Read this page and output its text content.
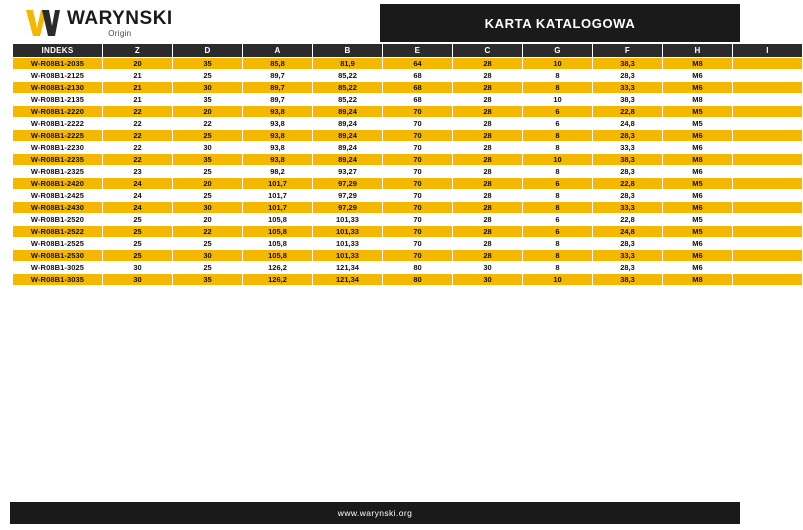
WARYNSKI
Origin
KARTA KATALOGOWA
INDEKS	Z	D	A	B	E	C	G	F	H	I
W-R08B1-2035	20	35	85,8	81,9	64	28	10	38,3	M8	
W-R08B1-2125	21	25	89,7	85,22	68	28	8	28,3	M6	
W-R08B1-2130	21	30	89,7	85,22	68	28	8	33,3	M6	
W-R08B1-2135	21	35	89,7	85,22	68	28	10	38,3	M8	
W-R08B1-2220	22	20	93,8	89,24	70	28	6	22,8	M5	
W-R08B1-2222	22	22	93,8	89,24	70	28	6	24,8	M5	
W-R08B1-2225	22	25	93,8	89,24	70	28	8	28,3	M6	
W-R08B1-2230	22	30	93,8	89,24	70	28	8	33,3	M6	
W-R08B1-2235	22	35	93,8	89,24	70	28	10	38,3	M8	
W-R08B1-2325	23	25	98,2	93,27	70	28	8	28,3	M6	
W-R08B1-2420	24	20	101,7	97,29	70	28	6	22,8	M5	
W-R08B1-2425	24	25	101,7	97,29	70	28	8	28,3	M6	
W-R08B1-2430	24	30	101,7	97,29	70	28	8	33,3	M6	
W-R08B1-2520	25	20	105,8	101,33	70	28	6	22,8	M5	
W-R08B1-2522	25	22	105,8	101,33	70	28	6	24,8	M5	
W-R08B1-2525	25	25	105,8	101,33	70	28	8	28,3	M6	
W-R08B1-2530	25	30	105,8	101,33	70	28	8	33,3	M6	
W-R08B1-3025	30	25	126,2	121,34	80	30	8	28,3	M6	
W-R08B1-3035	30	35	126,2	121,34	80	30	10	38,3	M8	
www.warynski.org
